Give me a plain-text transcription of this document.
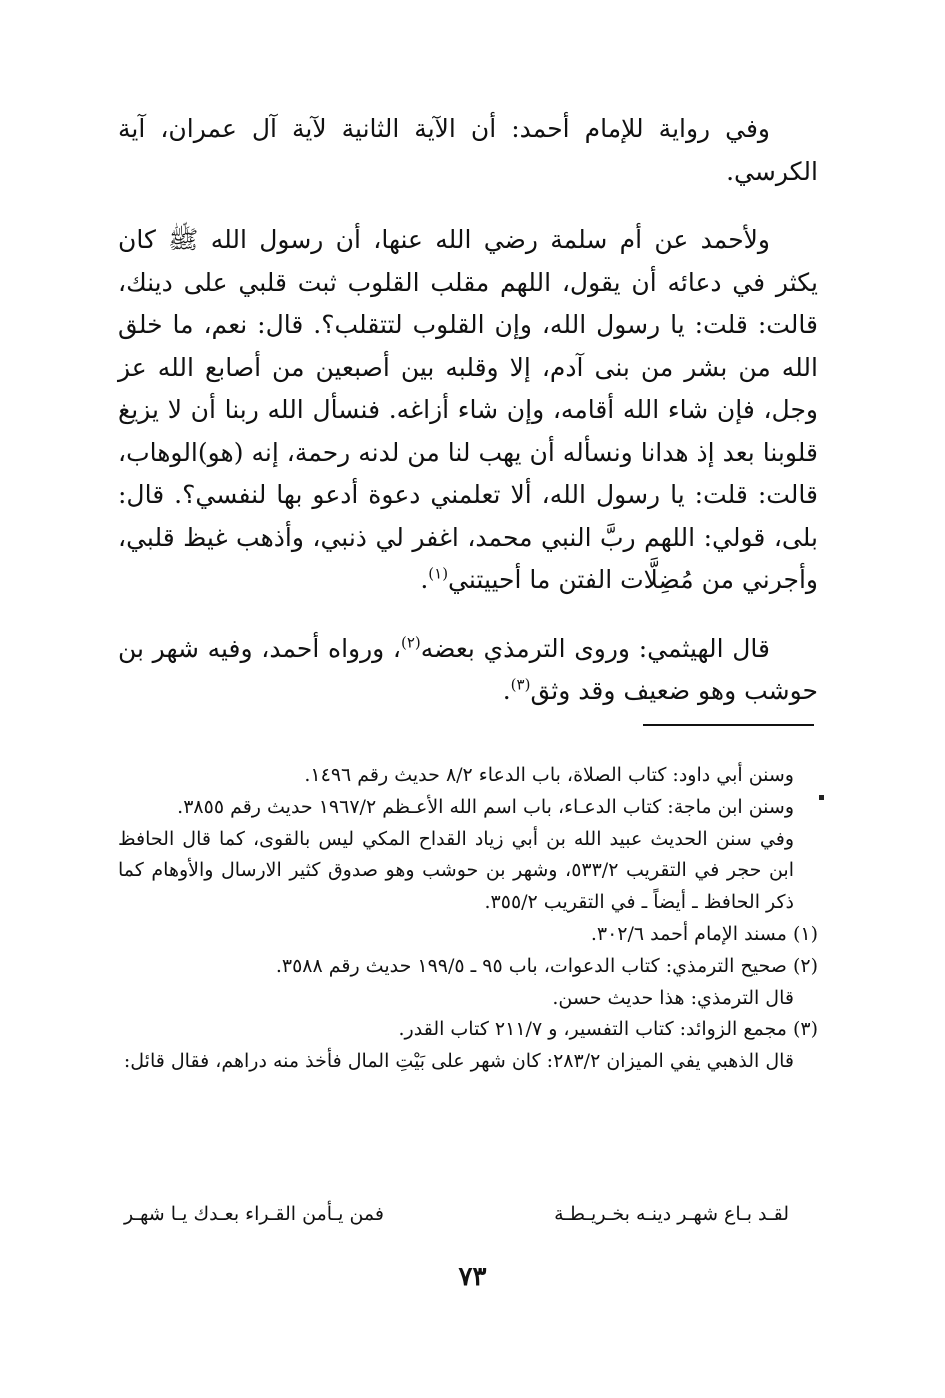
وفي رواية للإمام أحمد: أن الآية الثانية لآية آل عمران، آية الكرسي.

ولأحمد عن أم سلمة رضي الله عنها، أن رسول الله ﷺ كان يكثر في دعائه أن يقول، اللهم مقلب القلوب ثبت قلبي على دينك، قالت: قلت: يا رسول الله، وإن القلوب لتتقلب؟. قال: نعم، ما خلق الله من بشر من بنى آدم، إلا وقلبه بين أصبعين من أصابع الله عز وجل، فإن شاء الله أقامه، وإن شاء أزاغه. فنسأل الله ربنا أن لا يزيغ قلوبنا بعد إذ هدانا ونسأله أن يهب لنا من لدنه رحمة، إنه (هو)الوهاب، قالت: قلت: يا رسول الله، ألا تعلمني دعوة أدعو بها لنفسي؟. قال: بلى، قولي: اللهم ربَّ النبي محمد، اغفر لي ذنبي، وأذهب غيظ قلبي، وأجرني من مُضِلَّات الفتن ما أحييتني$^{(١)}$.

قال الهيثمي: وروى الترمذي بعضه$^{(٢)}$، ورواه أحمد، وفيه شهر بن حوشب وهو ضعيف وقد وثق$^{(٣)}$.

وسنن أبي داود: كتاب الصلاة، باب الدعاء ٨/٢ حديث رقم ١٤٩٦.

وسنن ابن ماجة: كتاب الدعـاء، باب اسم الله الأعـظم ١٩٦٧/٢ حديث رقم ٣٨٥٥.

وفي سنن الحديث عبيد الله بن أبي زياد القداح المكي ليس بالقوى، كما قال الحافظ ابن حجر في التقريب ٥٣٣/٢، وشهر بن حوشب وهو صدوق كثير الارسال والأوهام كما ذكر الحافظ ـ أيضاً ـ في التقريب ٣٥٥/٢.

(١) مسند الإمام أحمد ٣٠٢/٦.

(٢) صحيح الترمذي: كتاب الدعوات، باب ٩٥ ـ ١٩٩/٥ حديث رقم ٣٥٨٨.

قال الترمذي: هذا حديث حسن.

(٣) مجمع الزوائد: كتاب التفسير، و ٢١١/٧ كتاب القدر.

قال الذهبي يفي الميزان ٢٨٣/٢: كان شهر على بَيْتِ المال فأخذ منه دراهم، فقال قائل:

لقـد بـاع شهـر دينـه بخـريـطـة
فمن يـأمن القـراء بعـدك يـا شهـر
٧٣
